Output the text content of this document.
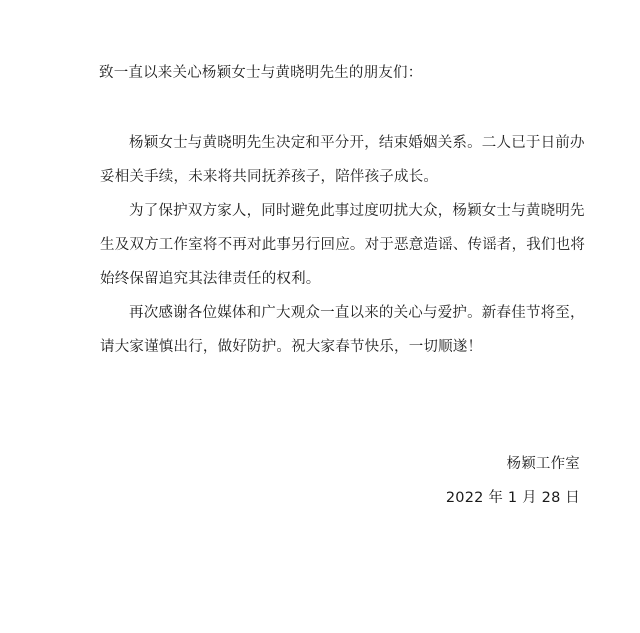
致一直以来关心杨颖女士与黄晓明先生的朋友们：
杨颖女士与黄晓明先生决定和平分开，结束婚姻关系。二人已于日前办妥相关手续，未来将共同抚养孩子，陪伴孩子成长。
为了保护双方家人，同时避免此事过度叨扰大众，杨颖女士与黄晓明先生及双方工作室将不再对此事另行回应。对于恶意造谣、传谣者，我们也将始终保留追究其法律责任的权利。
再次感谢各位媒体和广大观众一直以来的关心与爱护。新春佳节将至，请大家谨慎出行，做好防护。祝大家春节快乐，一切顺遂！
杨颖工作室
2022 年 1 月 28 日
